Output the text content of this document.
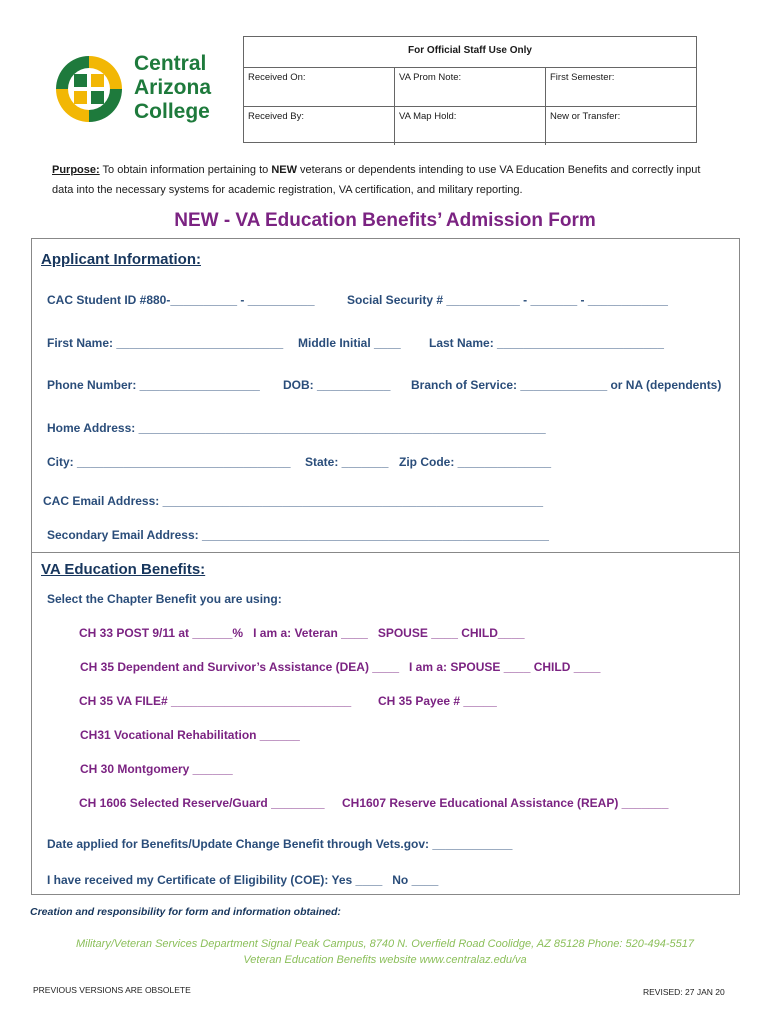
Central
Arizona
College
For Official Staff Use Only
Received On:	VA Prom Note:	First Semester:
Received By:	VA Map Hold:	New or Transfer:
Purpose: To obtain information pertaining to NEW veterans or dependents intending to use VA Education Benefits and correctly input data into the necessary systems for academic registration, VA certification, and military reporting.
NEW - VA Education Benefits’ Admission Form
Applicant Information:
CAC Student ID #880-__________ - __________	Social Security # ___________ - _______ - ____________
First Name: _________________________ Middle Initial ____ Last Name: _________________________
Phone Number: __________________ DOB: ___________ Branch of Service: _____________ or NA (dependents)
Home Address: _____________________________________________________________
City: ________________________________ State: _______ Zip Code: ______________
CAC Email Address: _________________________________________________________
Secondary Email Address: ____________________________________________________
VA Education Benefits:
Select the Chapter Benefit you are using:
CH 33 POST 9/11 at ______%   I am a: Veteran ____   SPOUSE ____ CHILD____
CH 35 Dependent and Survivor’s Assistance (DEA) ____   I am a: SPOUSE ____ CHILD ____
CH 35 VA FILE# ___________________________ CH 35 Payee # _____
CH31 Vocational Rehabilitation ______
CH 30 Montgomery ______
CH 1606 Selected Reserve/Guard ________ CH1607 Reserve Educational Assistance (REAP) _______
Date applied for Benefits/Update Change Benefit through Vets.gov: ____________
I have received my Certificate of Eligibility (COE): Yes ____   No ____
Creation and responsibility for form and information obtained:
Military/Veteran Services Department Signal Peak Campus, 8740 N. Overfield Road Coolidge, AZ 85128 Phone: 520-494-5517
Veteran Education Benefits website www.centralaz.edu/va
PREVIOUS VERSIONS ARE OBSOLETE	REVISED: 27 JAN 20
